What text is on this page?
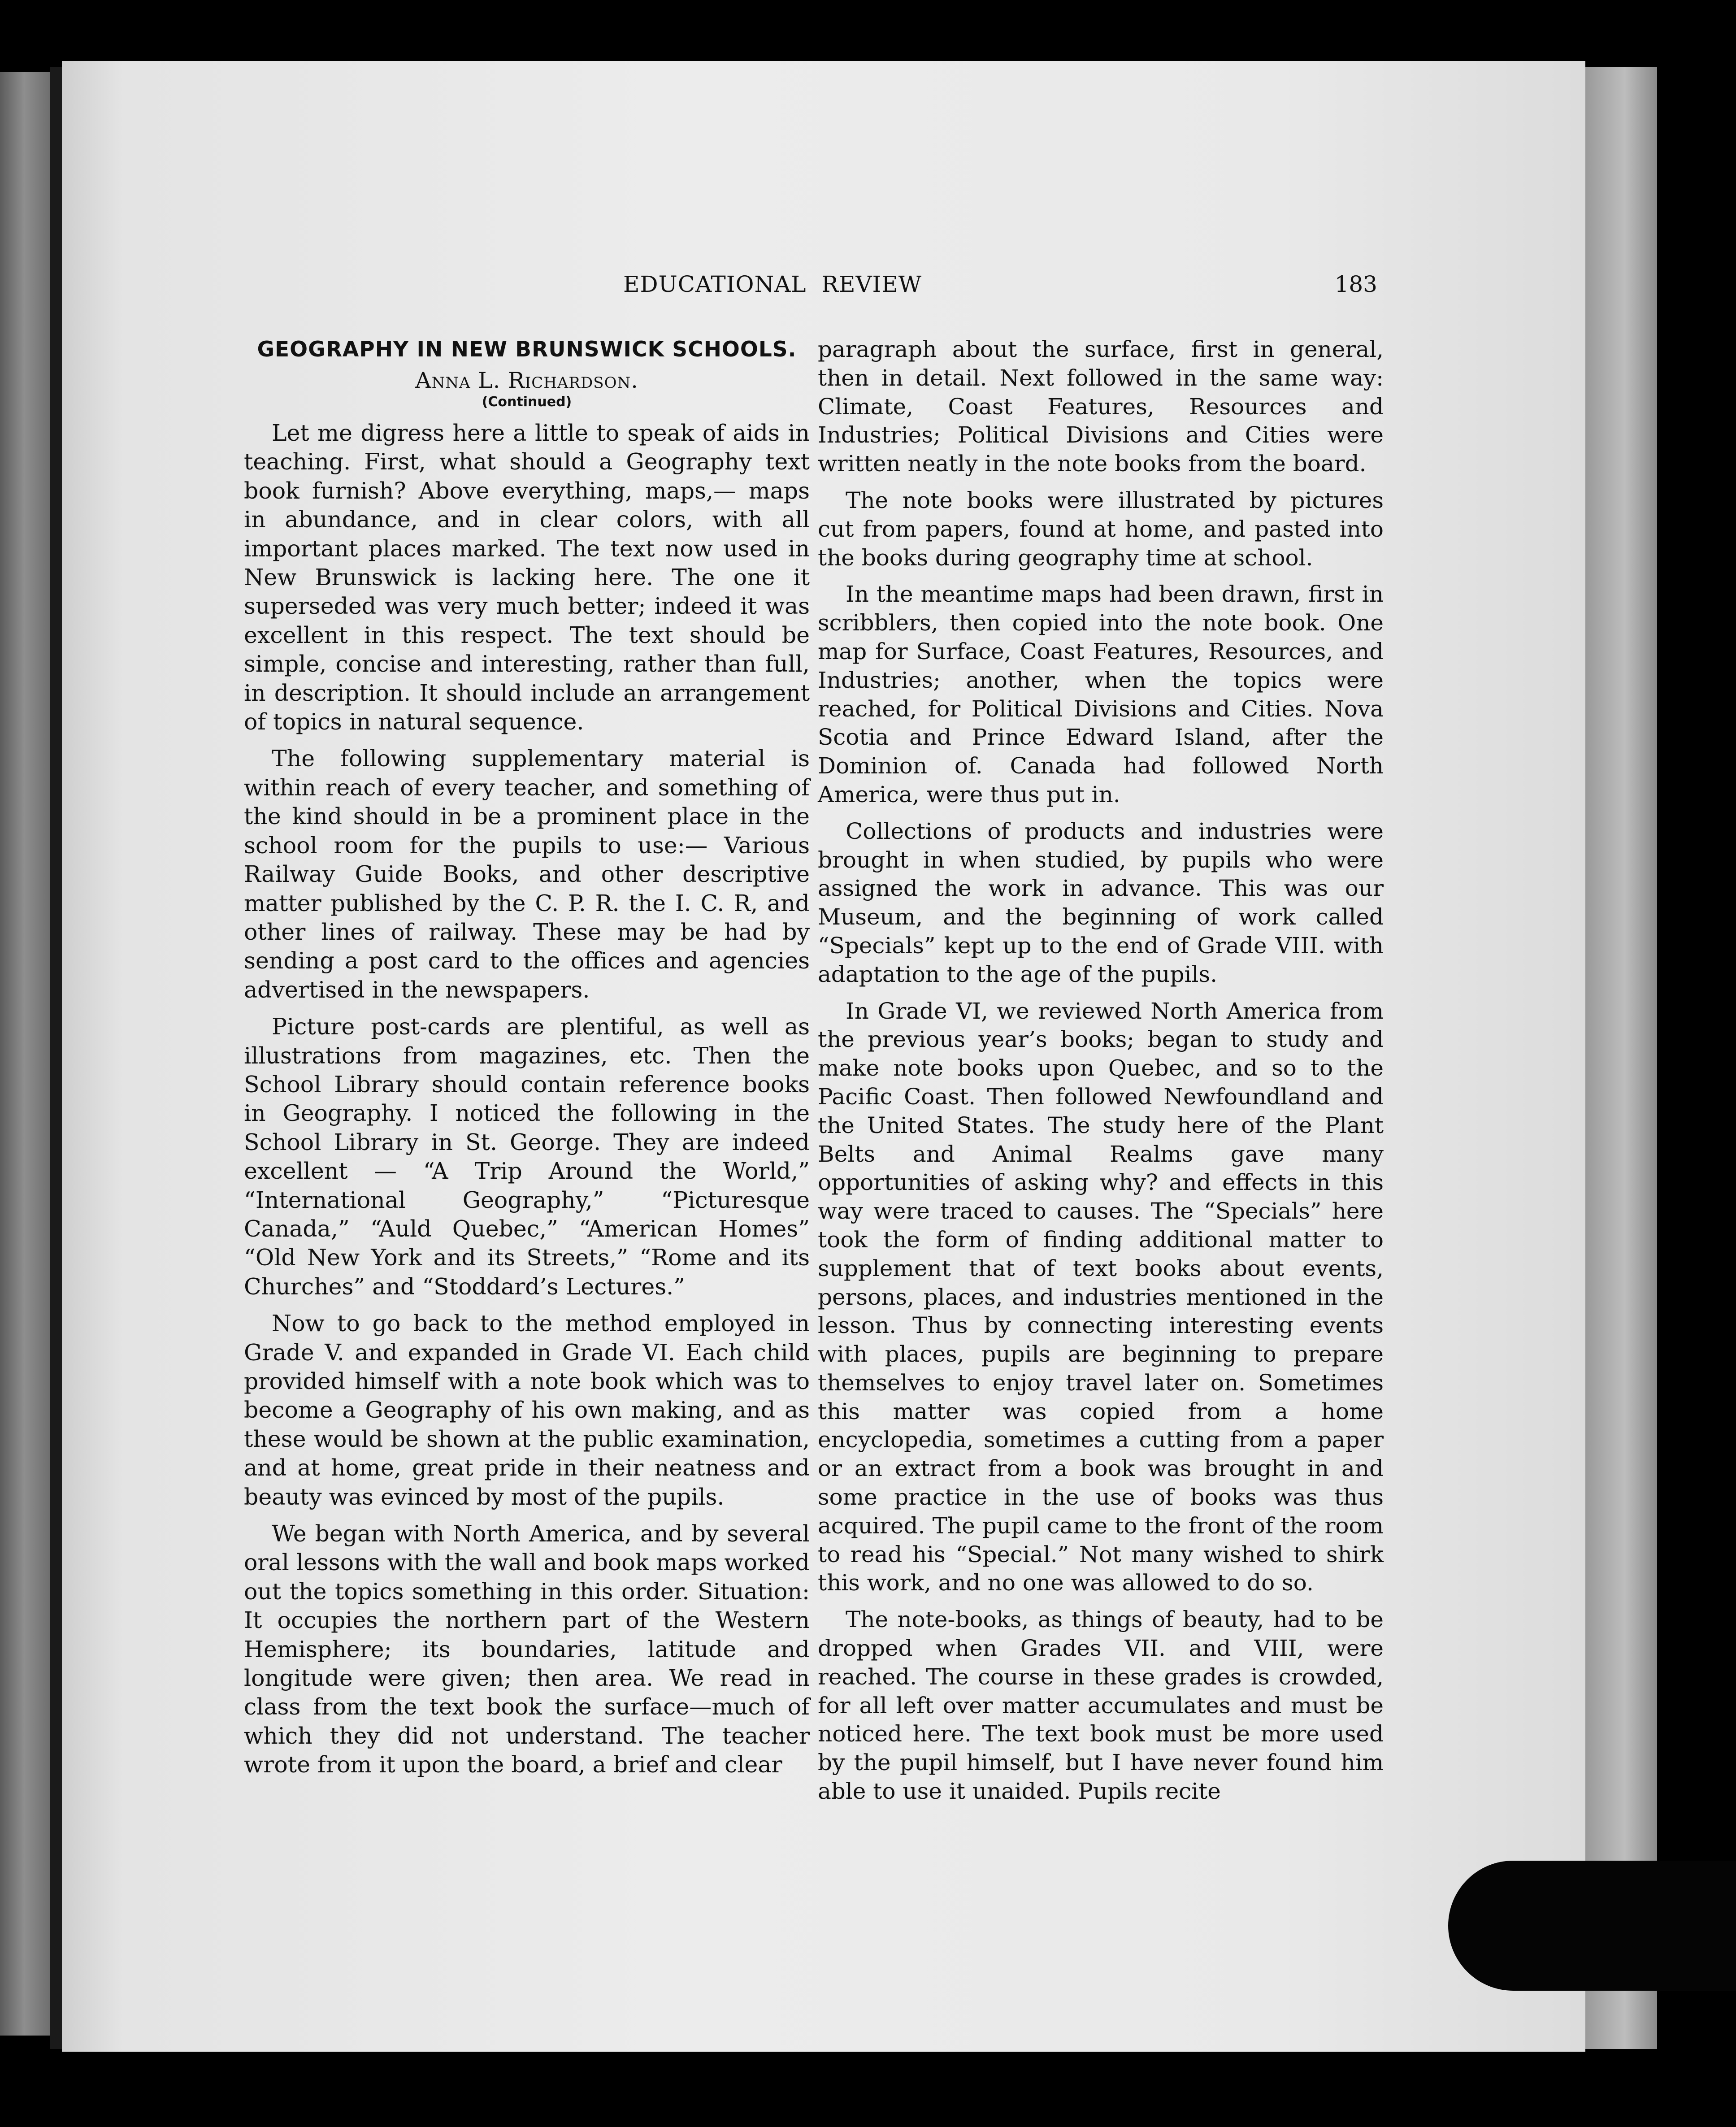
EDUCATIONAL  REVIEW	183
GEOGRAPHY IN NEW BRUNSWICK SCHOOLS.
Anna L. Richardson.
(Continued)

Let me digress here a little to speak of aids in teaching. First, what should a Geography text book furnish? Above everything, maps,— maps in abundance, and in clear colors, with all important places marked. The text now used in New Brunswick is lacking here. The one it superseded was very much better; indeed it was excellent in this respect. The text should be simple, concise and interesting, rather than full, in description. It should include an arrangement of topics in natural sequence.

The following supplementary material is within reach of every teacher, and something of the kind should in be a prominent place in the school room for the pupils to use:— Various Railway Guide Books, and other descriptive matter published by the C. P. R. the I. C. R, and other lines of railway. These may be had by sending a post card to the offices and agencies advertised in the newspapers.

Picture post-cards are plentiful, as well as illustrations from magazines, etc. Then the School Library should contain reference books in Geography. I noticed the following in the School Library in St. George. They are indeed excellent — “A Trip Around the World,” “International Geography,” “Picturesque Canada,” “Auld Quebec,” “American Homes” “Old New York and its Streets,” “Rome and its Churches” and “Stoddard’s Lectures.”

Now to go back to the method employed in Grade V. and expanded in Grade VI. Each child provided himself with a note book which was to become a Geography of his own making, and as these would be shown at the public examination, and at home, great pride in their neatness and beauty was evinced by most of the pupils.

We began with North America, and by several oral lessons with the wall and book maps worked out the topics something in this order. Situation: It occupies the northern part of the Western Hemisphere; its boundaries, latitude and longitude were given; then area. We read in class from the text book the surface—much of which they did not understand. The teacher wrote from it upon the board, a brief and clear

paragraph about the surface, first in general, then in detail. Next followed in the same way: Climate, Coast Features, Resources and Industries; Political Divisions and Cities were written neatly in the note books from the board.

The note books were illustrated by pictures cut from papers, found at home, and pasted into the books during geography time at school.

In the meantime maps had been drawn, first in scribblers, then copied into the note book. One map for Surface, Coast Features, Resources, and Industries; another, when the topics were reached, for Political Divisions and Cities. Nova Scotia and Prince Edward Island, after the Dominion of. Canada had followed North America, were thus put in.

Collections of products and industries were brought in when studied, by pupils who were assigned the work in advance. This was our Museum, and the beginning of work called “Specials” kept up to the end of Grade VIII. with adaptation to the age of the pupils.

In Grade VI, we reviewed North America from the previous year’s books; began to study and make note books upon Quebec, and so to the Pacific Coast. Then followed Newfoundland and the United States. The study here of the Plant Belts and Animal Realms gave many opportunities of asking why? and effects in this way were traced to causes. The “Specials” here took the form of finding additional matter to supplement that of text books about events, persons, places, and industries mentioned in the lesson. Thus by connecting interesting events with places, pupils are beginning to prepare themselves to enjoy travel later on. Sometimes this matter was copied from a home encyclopedia, sometimes a cutting from a paper or an extract from a book was brought in and some practice in the use of books was thus acquired. The pupil came to the front of the room to read his “Special.” Not many wished to shirk this work, and no one was allowed to do so.

The note-books, as things of beauty, had to be dropped when Grades VII. and VIII, were reached. The course in these grades is crowded, for all left over matter accumulates and must be noticed here. The text book must be more used by the pupil himself, but I have never found him able to use it unaided. Pupils recite
